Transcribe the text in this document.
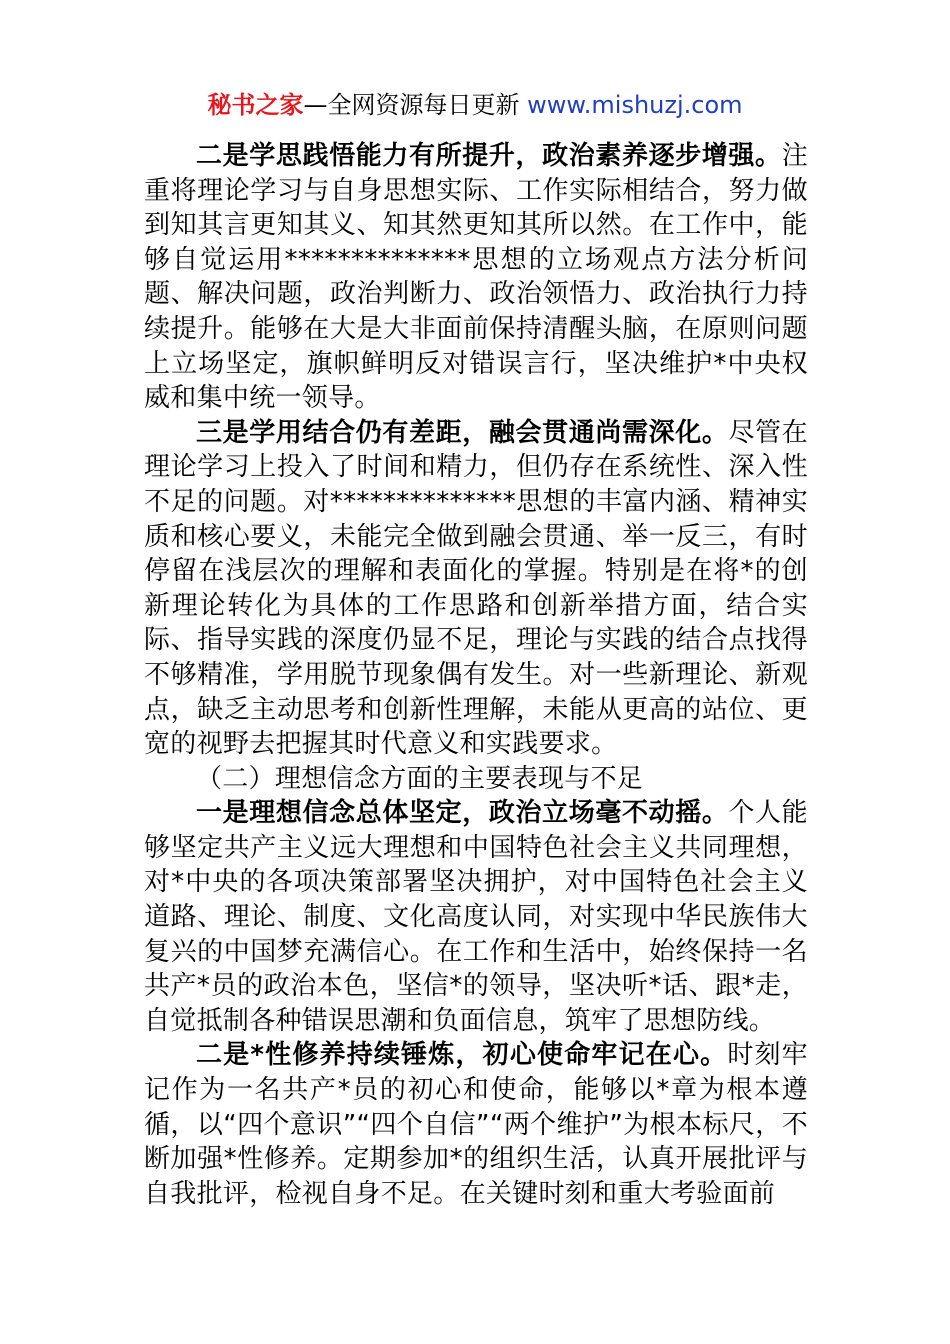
秘书之家—全网资源每日更新 www.mishuzj.com

二是学思践悟能力有所提升，政治素养逐步增强。注重将理论学习与自身思想实际、工作实际相结合，努力做到知其言更知其义、知其然更知其所以然。在工作中，能够自觉运用**************思想的立场观点方法分析问题、解决问题，政治判断力、政治领悟力、政治执行力持续提升。能够在大是大非面前保持清醒头脑，在原则问题上立场坚定，旗帜鲜明反对错误言行，坚决维护*中央权威和集中统一领导。

三是学用结合仍有差距，融会贯通尚需深化。尽管在理论学习上投入了时间和精力，但仍存在系统性、深入性不足的问题。对**************思想的丰富内涵、精神实质和核心要义，未能完全做到融会贯通、举一反三，有时停留在浅层次的理解和表面化的掌握。特别是在将*的创新理论转化为具体的工作思路和创新举措方面，结合实际、指导实践的深度仍显不足，理论与实践的结合点找得不够精准，学用脱节现象偶有发生。对一些新理论、新观点，缺乏主动思考和创新性理解，未能从更高的站位、更宽的视野去把握其时代意义和实践要求。

（二）理想信念方面的主要表现与不足

一是理想信念总体坚定，政治立场毫不动摇。个人能够坚定共产主义远大理想和中国特色社会主义共同理想，对*中央的各项决策部署坚决拥护，对中国特色社会主义道路、理论、制度、文化高度认同，对实现中华民族伟大复兴的中国梦充满信心。在工作和生活中，始终保持一名共产*员的政治本色，坚信*的领导，坚决听*话、跟*走，自觉抵制各种错误思潮和负面信息，筑牢了思想防线。

二是*性修养持续锤炼，初心使命牢记在心。时刻牢记作为一名共产*员的初心和使命，能够以*章为根本遵循，以“四个意识”“四个自信”“两个维护”为根本标尺，不断加强*性修养。定期参加*的组织生活，认真开展批评与自我批评，检视自身不足。在关键时刻和重大考验面前
